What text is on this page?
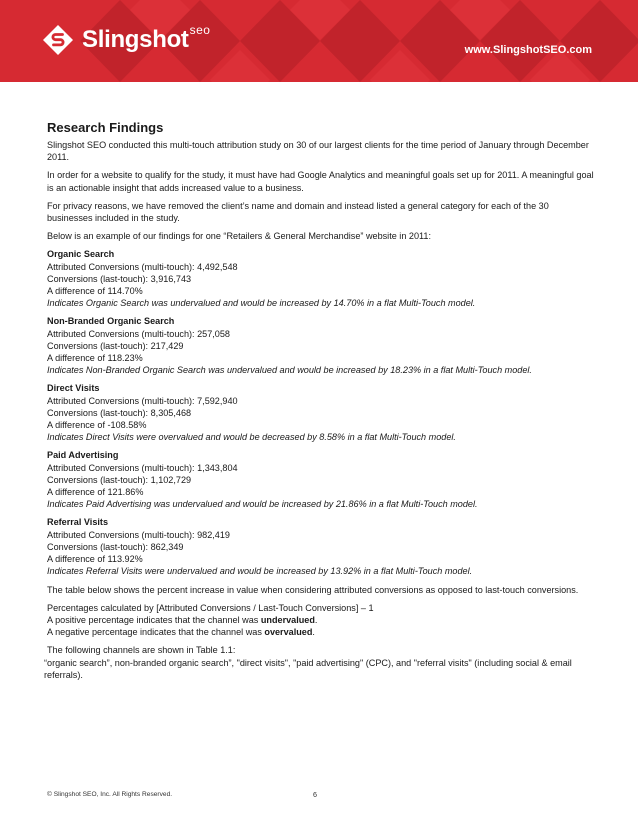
Slingshot seo
www.SlingshotSEO.com
Research Findings

Slingshot SEO conducted this multi-touch attribution study on 30 of our largest clients for the time period of January through December 2011.

In order for a website to qualify for the study, it must have had Google Analytics and meaningful goals set up for 2011. A meaningful goal is an actionable insight that adds increased value to a business.

For privacy reasons, we have removed the client’s name and domain and instead listed a general category for each of the 30 businesses included in the study.

Below is an example of our findings for one “Retailers & General Merchandise” website in 2011:

Organic Search
Attributed Conversions (multi-touch): 4,492,548
Conversions (last-touch): 3,916,743
A difference of 114.70%
Indicates Organic Search was undervalued and would be increased by 14.70% in a flat Multi-Touch model.
Non-Branded Organic Search
Attributed Conversions (multi-touch): 257,058
Conversions (last-touch): 217,429
A difference of 118.23%
Indicates Non-Branded Organic Search was undervalued and would be increased by 18.23% in a flat Multi-Touch model.
Direct Visits
Attributed Conversions (multi-touch): 7,592,940
Conversions (last-touch): 8,305,468
A difference of -108.58%
Indicates Direct Visits were overvalued and would be decreased by 8.58% in a flat Multi-Touch model.
Paid Advertising
Attributed Conversions (multi-touch): 1,343,804
Conversions (last-touch): 1,102,729
A difference of 121.86%
Indicates Paid Advertising was undervalued and would be increased by 21.86% in a flat Multi-Touch model.
Referral Visits
Attributed Conversions (multi-touch): 982,419
Conversions (last-touch): 862,349
A difference of 113.92%
Indicates Referral Visits were undervalued and would be increased by 13.92% in a flat Multi-Touch model.

The table below shows the percent increase in value when considering attributed conversions as opposed to last-touch conversions.

Percentages calculated by [Attributed Conversions / Last-Touch Conversions] – 1
A positive percentage indicates that the channel was undervalued.
A negative percentage indicates that the channel was overvalued.

The following channels are shown in Table 1.1:
“organic search”, non-branded organic search”, "direct visits", "paid advertising" (CPC), and "referral visits" (including social & email referrals).

© Slingshot SEO, Inc. All Rights Reserved.	6
